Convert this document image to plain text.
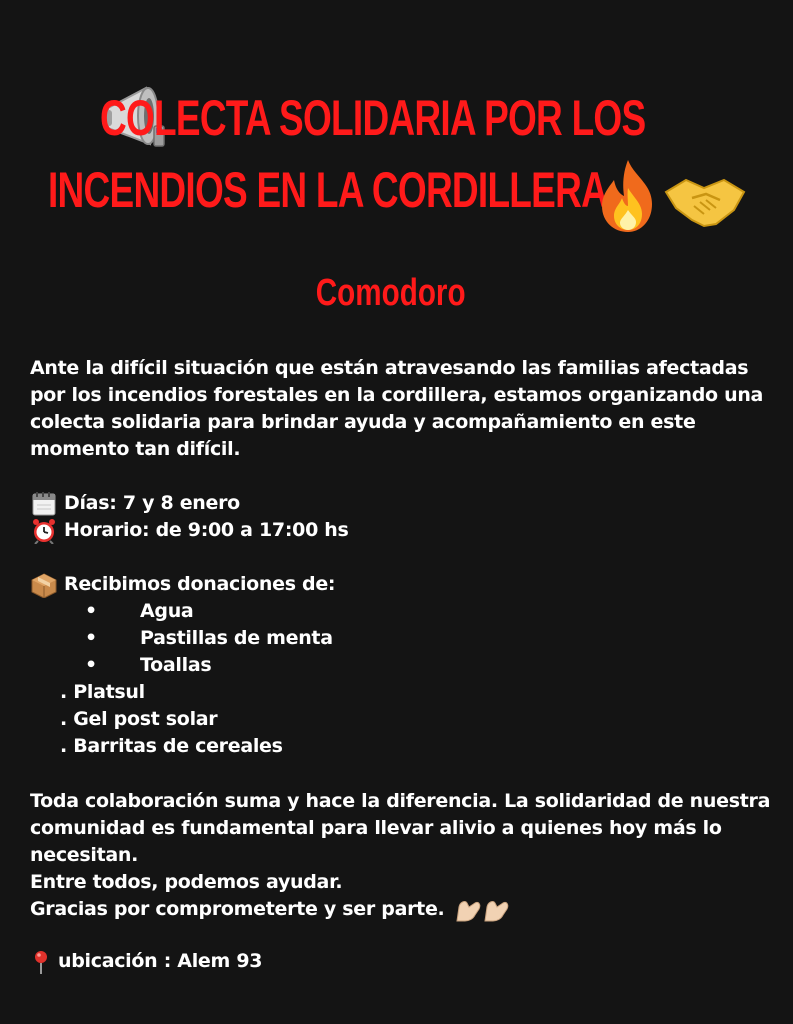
COLECTA SOLIDARIA POR LOS
INCENDIOS EN LA CORDILLERA
Comodoro
Ante la difícil situación que están atravesando las familias afectadas por los incendios forestales en la cordillera, estamos organizando una colecta solidaria para brindar ayuda y acompañamiento en este momento tan difícil.
Días: 7 y 8 enero
Horario: de 9:00 a 17:00 hs
Recibimos donaciones de:
• Agua
• Pastillas de menta
• Toallas
. Platsul
. Gel post solar
. Barritas de cereales
Toda colaboración suma y hace la diferencia. La solidaridad de nuestra comunidad es fundamental para llevar alivio a quienes hoy más lo necesitan.
Entre todos, podemos ayudar.
Gracias por comprometerte y ser parte.
ubicación : Alem 93
